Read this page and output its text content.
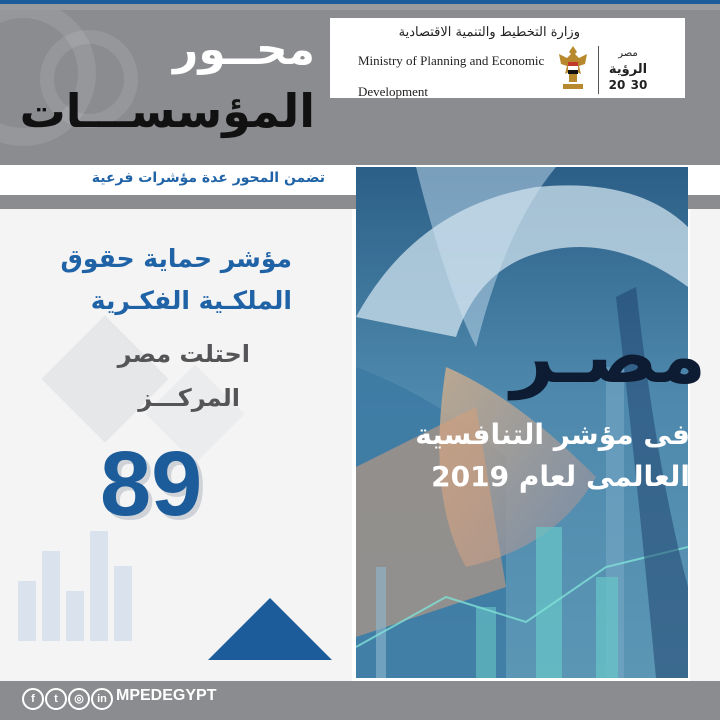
محــور
المؤسســـات
وزارة التخطيط والتنمية الاقتصادية
Ministry of Planning and Economic
Development
مصر
الرؤية
20 30
تضمن المحور عدة مؤشرات فرعية
مؤشر حماية حقوق
الملكـية الفكـرية
احتلت مصر
المركـــز
89
مصـر
فى مؤشر التنافسية
العالمى لعام 2019
f	t	◎	in MPEDEGYPT
